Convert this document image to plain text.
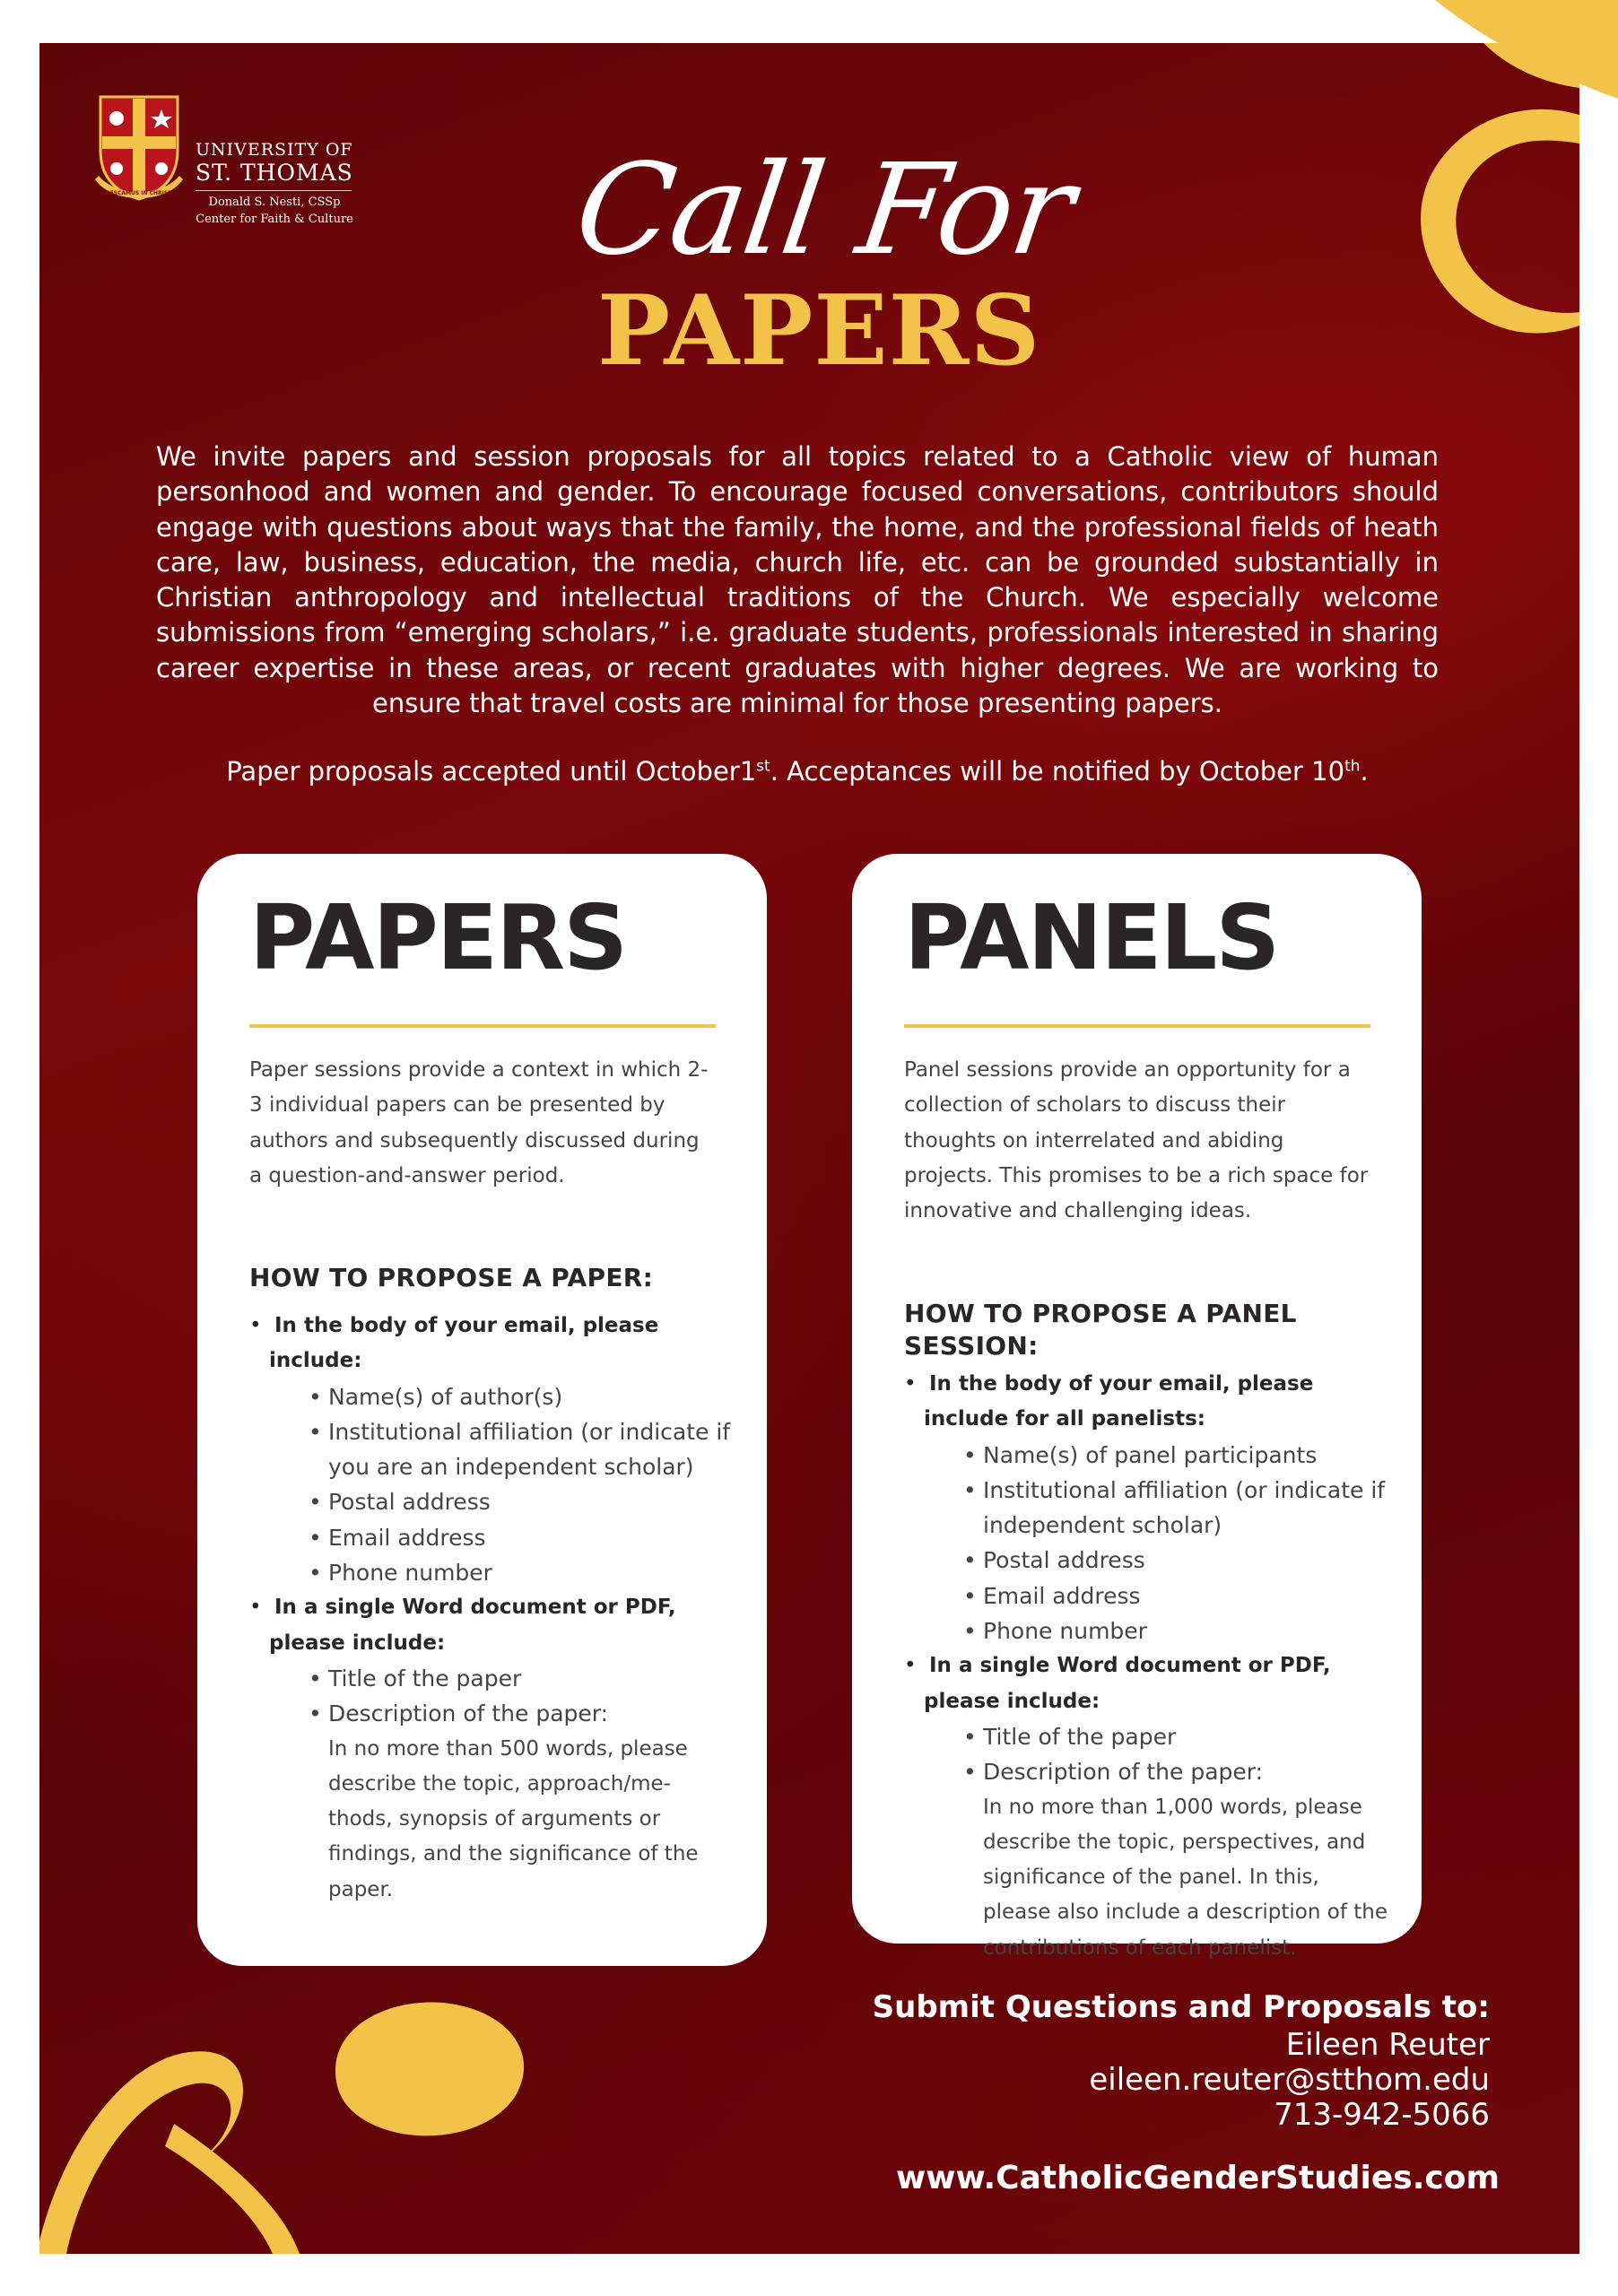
CRESCAMUS IN CHRISTO
UNIVERSITY OF
ST. THOMAS
Donald S. Nesti, CSSp
Center for Faith & Culture Call For
PAPERS

We invite papers and session proposals for all topics related to a Catholic view of human personhood and women and gender. To encourage focused conversations, contributors should engage with questions about ways that the family, the home, and the professional fields of heath care, law, business, education, the media, church life, etc. can be grounded substantially in Christian anthropology and intellectual traditions of the Church. We especially welcome submissions from “emerging scholars,” i.e. graduate students, professionals interested in sharing career expertise in these areas, or recent graduates with higher degrees. We are working to ensure that travel costs are minimal for those presenting papers.

Paper proposals accepted until October1st. Acceptances will be notified by October 10th.

PAPERS

Paper sessions provide a context in which 2-3 individual papers can be presented by authors and subsequently discussed during a question-and-answer period.

HOW TO PROPOSE A PAPER:

• In the body of your email, please include:
• Name(s) of author(s)
• Institutional affiliation (or indicate if you are an independent scholar)
• Postal address
• Email address
• Phone number
• In a single Word document or PDF, please include:
• Title of the paper
• Description of the paper:
In no more than 500 words, please describe the topic, approach/me-thods, synopsis of arguments or findings, and the significance of the paper.
PANELS

Panel sessions provide an opportunity for a collection of scholars to discuss their thoughts on interrelated and abiding projects. This promises to be a rich space for innovative and challenging ideas.

HOW TO PROPOSE A PANEL SESSION:

• In the body of your email, please include for all panelists:
• Name(s) of panel participants
• Institutional affiliation (or indicate if independent scholar)
• Postal address
• Email address
• Phone number
• In a single Word document or PDF, please include:
• Title of the paper
• Description of the paper:
In no more than 1,000 words, please describe the topic, perspectives, and significance of the panel. In this, please also include a description of the contributions of each panelist.
Submit Questions and Proposals to:
Eileen Reuter
eileen.reuter@stthom.edu
713-942-5066
www.CatholicGenderStudies.com
